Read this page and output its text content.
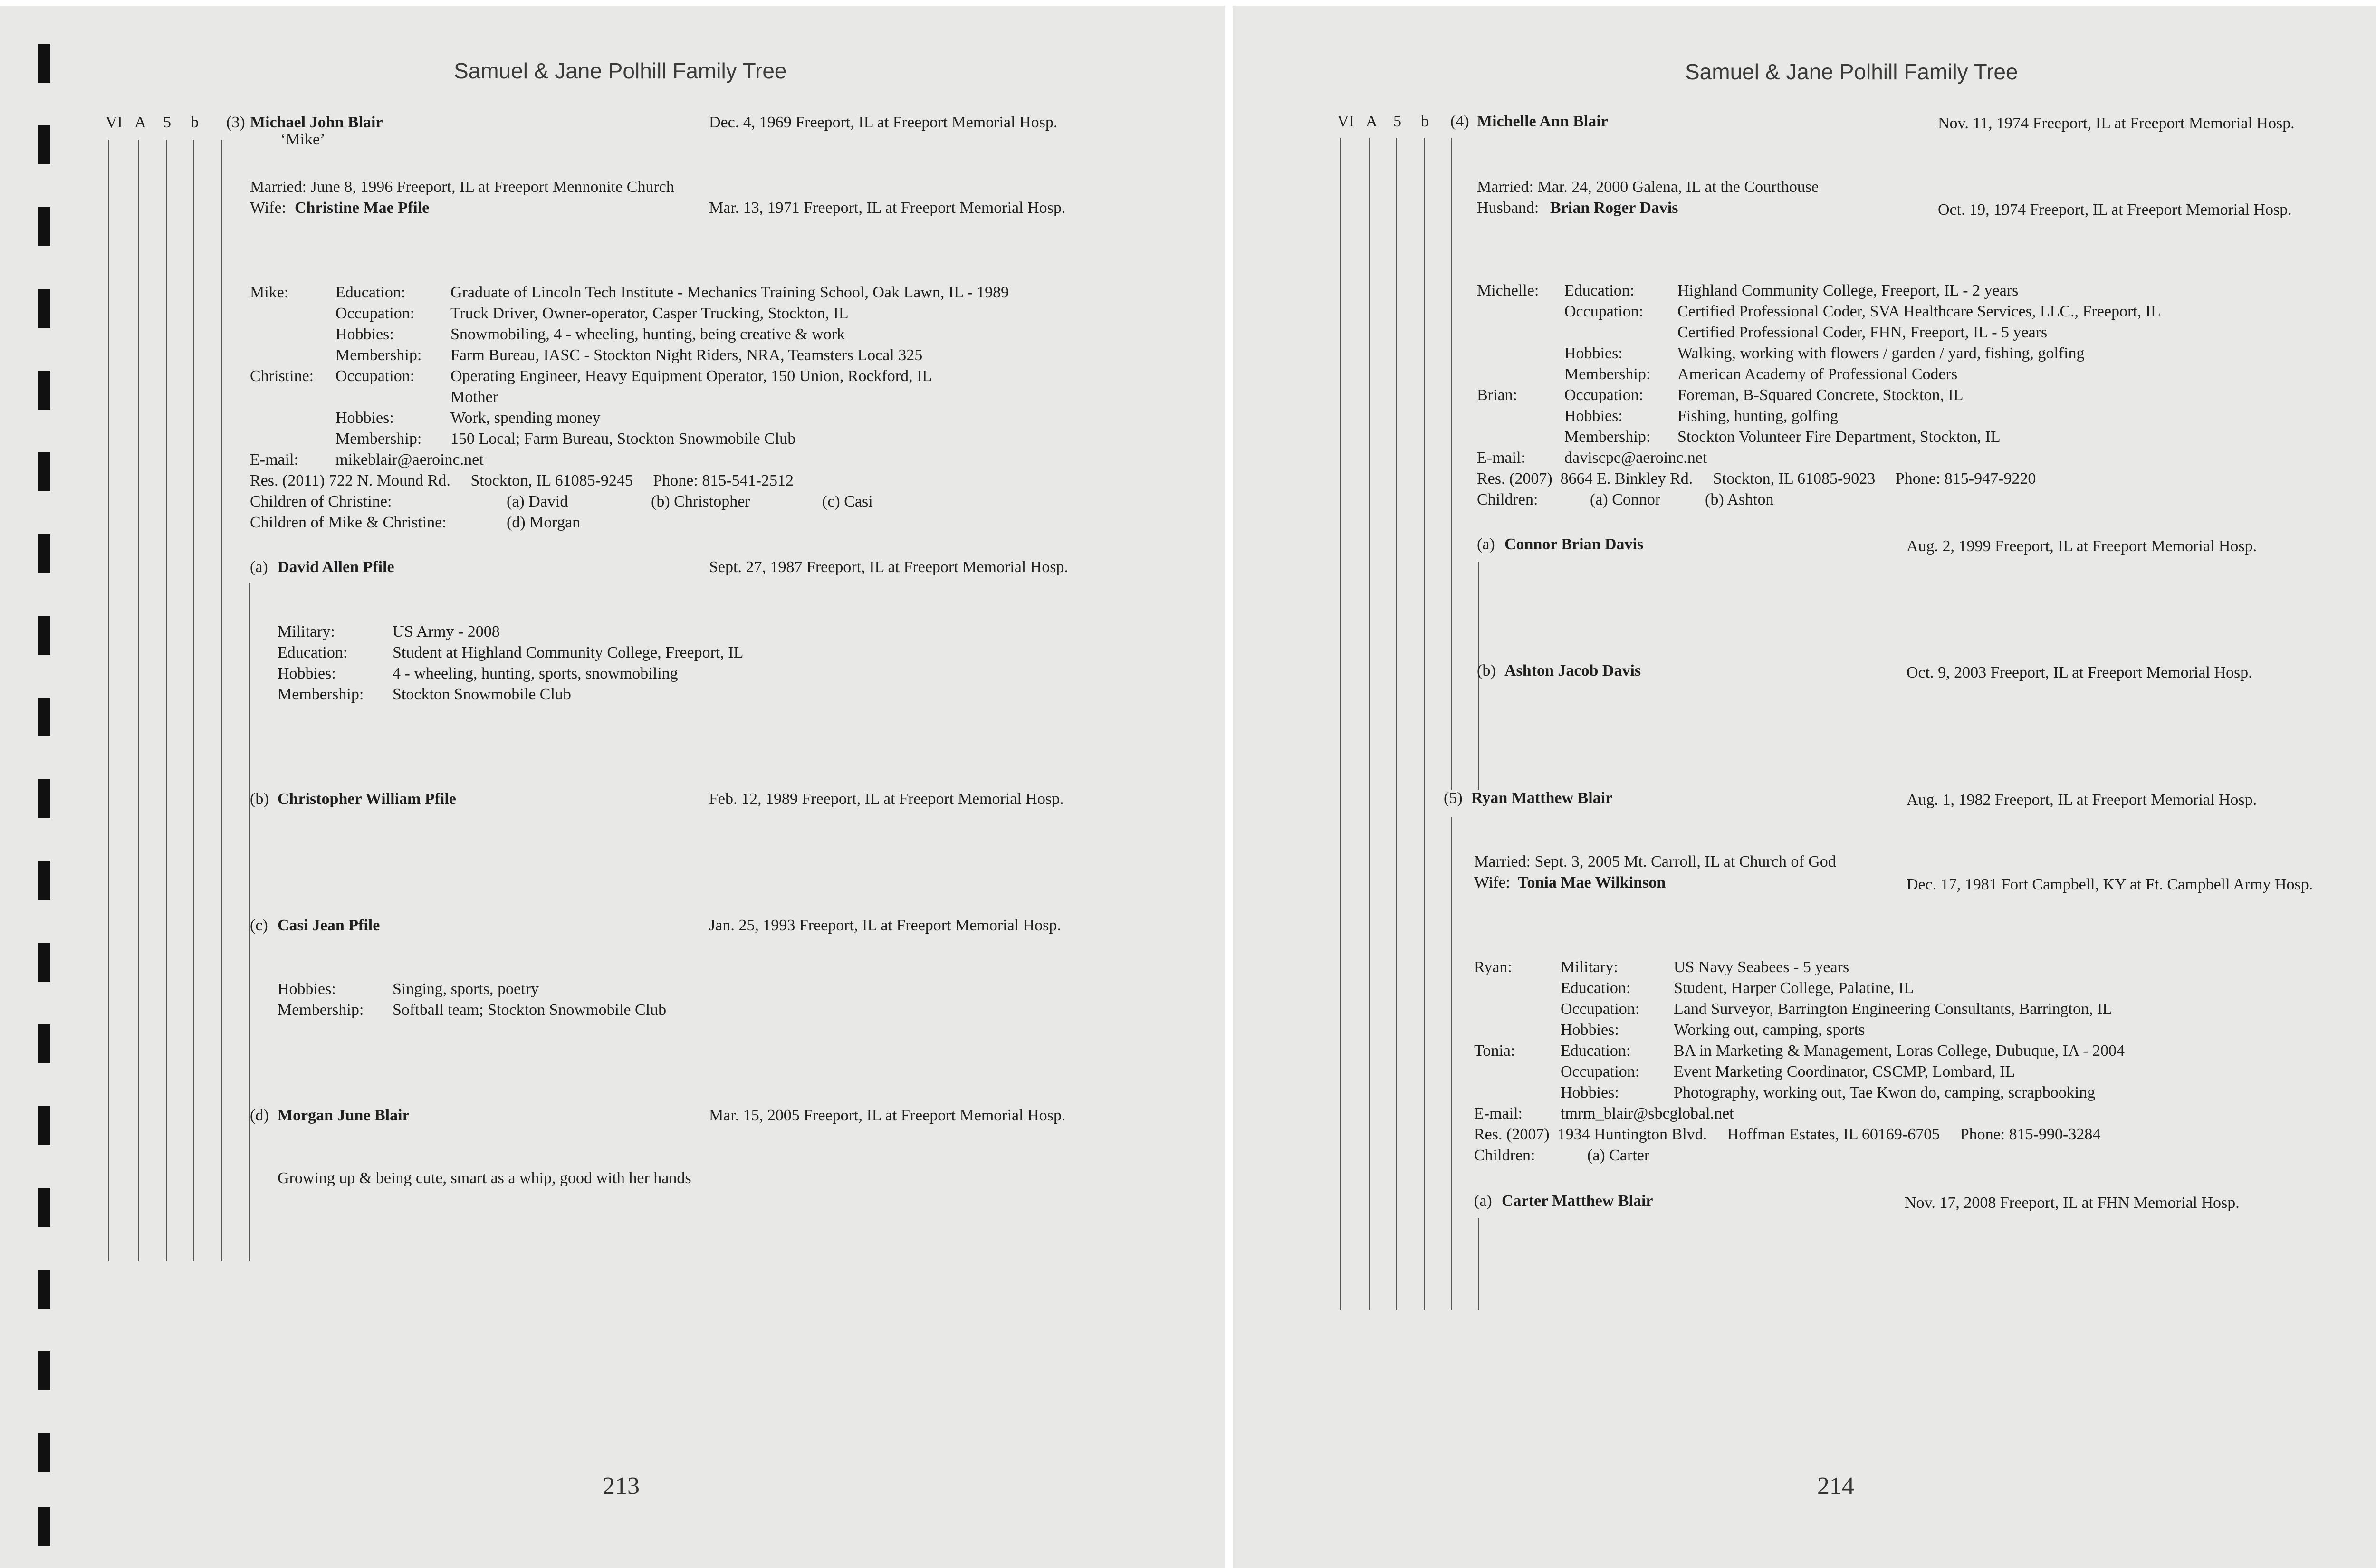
Samuel & Jane Polhill Family Tree
VI A 5 b (3) Michael John Blair
‘Mike’
Dec. 4, 1969 Freeport, IL at Freeport Memorial Hosp.
Married: June 8, 1996 Freeport, IL at Freeport Mennonite Church
Wife: Christine Mae Pfile	Mar. 13, 1971 Freeport, IL at Freeport Memorial Hosp.
Mike:	Education:	Graduate of Lincoln Tech Institute - Mechanics Training School, Oak Lawn, IL - 1989
Occupation: Truck Driver, Owner-operator, Casper Trucking, Stockton, IL
Hobbies:	Snowmobiling, 4 - wheeling, hunting, being creative & work
Membership: Farm Bureau, IASC - Stockton Night Riders, NRA, Teamsters Local 325
Christine: Occupation: Operating Engineer, Heavy Equipment Operator, 150 Union, Rockford, IL
Mother
Hobbies:	Work, spending money
Membership: 150 Local; Farm Bureau, Stockton Snowmobile Club
E-mail: mikeblair@aeroinc.net
Res. (2011) 722 N. Mound Rd.     Stockton, IL 61085-9245     Phone: 815-541-2512
Children of Christine:	(a) David	(b) Christopher	(c) Casi
Children of Mike & Christine:	(d) Morgan
(a) David Allen Pfile	Sept. 27, 1987 Freeport, IL at Freeport Memorial Hosp.
Military:	US Army - 2008
Education:	Student at Highland Community College, Freeport, IL
Hobbies:	4 - wheeling, hunting, sports, snowmobiling
Membership: Stockton Snowmobile Club
(b) Christopher William Pfile	Feb. 12, 1989 Freeport, IL at Freeport Memorial Hosp.
(c) Casi Jean Pfile	Jan. 25, 1993 Freeport, IL at Freeport Memorial Hosp.
Hobbies:	Singing, sports, poetry
Membership: Softball team; Stockton Snowmobile Club
(d) Morgan June Blair	Mar. 15, 2005 Freeport, IL at Freeport Memorial Hosp.
Growing up & being cute, smart as a whip, good with her hands
213
Samuel & Jane Polhill Family Tree
VI A 5 b (4) Michelle Ann Blair	Nov. 11, 1974 Freeport, IL at Freeport Memorial Hosp.
Married: Mar. 24, 2000 Galena, IL at the Courthouse
Husband: Brian Roger Davis	Oct. 19, 1974 Freeport, IL at Freeport Memorial Hosp.
Michelle: Education:	Highland Community College, Freeport, IL - 2 years
Occupation: Certified Professional Coder, SVA Healthcare Services, LLC., Freeport, IL
Certified Professional Coder, FHN, Freeport, IL - 5 years
Hobbies:	Walking, working with flowers / garden / yard, fishing, golfing
Membership: American Academy of Professional Coders
Brian:	Occupation: Foreman, B-Squared Concrete, Stockton, IL
Hobbies:	Fishing, hunting, golfing
Membership: Stockton Volunteer Fire Department, Stockton, IL
E-mail: daviscpc@aeroinc.net
Res. (2007)  8664 E. Binkley Rd.     Stockton, IL 61085-9023     Phone: 815-947-9220
Children:	(a) Connor	(b) Ashton
(a) Connor Brian Davis	Aug. 2, 1999 Freeport, IL at Freeport Memorial Hosp.
(b) Ashton Jacob Davis	Oct. 9, 2003 Freeport, IL at Freeport Memorial Hosp.
(5) Ryan Matthew Blair	Aug. 1, 1982 Freeport, IL at Freeport Memorial Hosp.
Married: Sept. 3, 2005 Mt. Carroll, IL at Church of God
Wife: Tonia Mae Wilkinson	Dec. 17, 1981 Fort Campbell, KY at Ft. Campbell Army Hosp.
Ryan:	Military:	US Navy Seabees - 5 years
Education:	Student, Harper College, Palatine, IL
Occupation: Land Surveyor, Barrington Engineering Consultants, Barrington, IL
Hobbies:	Working out, camping, sports
Tonia:	Education:	BA in Marketing & Management, Loras College, Dubuque, IA - 2004
Occupation: Event Marketing Coordinator, CSCMP, Lombard, IL
Hobbies:	Photography, working out, Tae Kwon do, camping, scrapbooking
E-mail: tmrm_blair@sbcglobal.net
Res. (2007)  1934 Huntington Blvd.     Hoffman Estates, IL 60169-6705     Phone: 815-990-3284
Children:	(a) Carter
(a) Carter Matthew Blair	Nov. 17, 2008 Freeport, IL at FHN Memorial Hosp.
214
